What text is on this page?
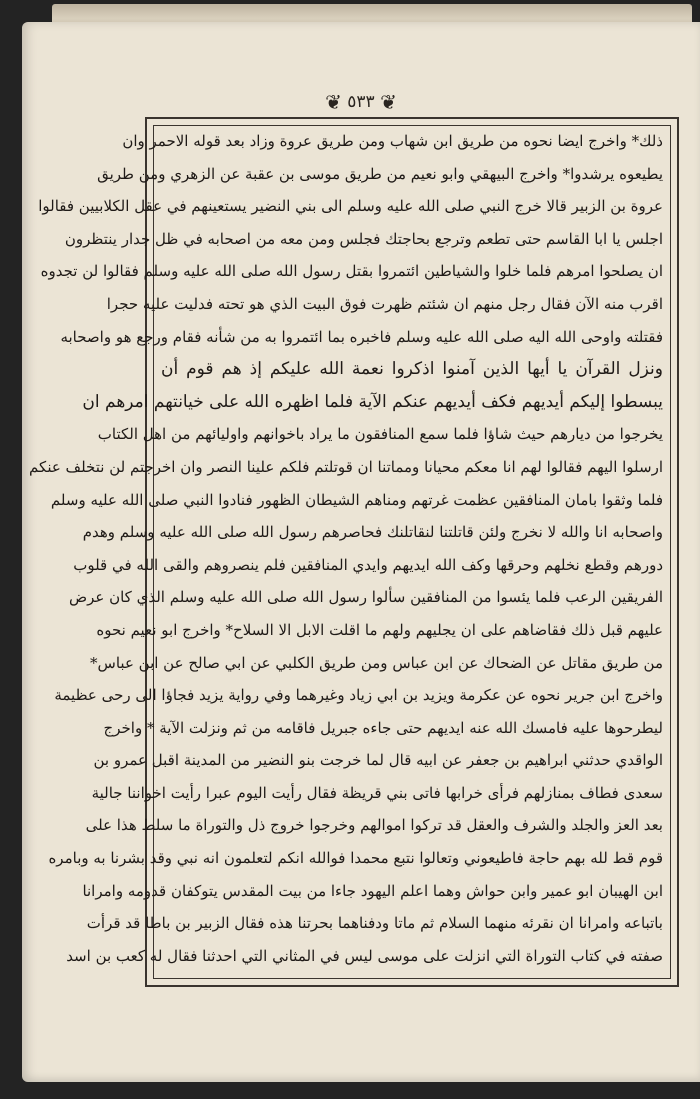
❦ ٥٣٣ ❦
ذلك* واخرج ايضا نحوه من طريق ابن شهاب ومن طريق عروة وزاد بعد قوله الاحمر وان
يطيعوه يرشدوا* واخرج البيهقي وابو نعيم من طريق موسى بن عقبة عن الزهري ومن طريق
عروة بن الزبير قالا خرج النبي صلى الله عليه وسلم الى بني النضير يستعينهم في عقل الكلابيين فقالوا
اجلس يا ابا القاسم حتى تطعم وترجع بحاجتك فجلس ومن معه من اصحابه في ظل جدار ينتظرون
ان يصلحوا امرهم فلما خلوا والشياطين ائتمروا بقتل رسول الله صلى الله عليه وسلم فقالوا لن تجدوه
اقرب منه الآن فقال رجل منهم ان شئتم ظهرت فوق البيت الذي هو تحته فدليت عليه حجرا
فقتلته واوحى الله اليه صلى الله عليه وسلم فاخبره بما ائتمروا به من شأنه فقام ورجع هو واصحابه
ونزل القرآن يا أيها الذين آمنوا اذكروا نعمة الله عليكم إذ هم قوم أن
يبسطوا إليكم أيديهم فكف أيديهم عنكم الآية فلما اظهره الله على خيانتهم امرهم ان
يخرجوا من ديارهم حيث شاؤا فلما سمع المنافقون ما يراد باخوانهم واوليائهم من اهل الكتاب
ارسلوا اليهم فقالوا لهم انا معكم محيانا ومماتنا ان قوتلتم فلكم علينا النصر وان اخرجتم لن نتخلف عنكم
فلما وثقوا بامان المنافقين عظمت غرتهم ومناهم الشيطان الظهور فنادوا النبي صلى الله عليه وسلم
واصحابه انا والله لا نخرج ولئن قاتلتنا لنقاتلنك فحاصرهم رسول الله صلى الله عليه وسلم وهدم
دورهم وقطع نخلهم وحرقها وكف الله ايديهم وايدي المنافقين فلم ينصروهم والقى الله في قلوب
الفريقين الرعب فلما يئسوا من المنافقين سألوا رسول الله صلى الله عليه وسلم الذي كان عرض
عليهم قبل ذلك فقاضاهم على ان يجليهم ولهم ما اقلت الابل الا السلاح* واخرج ابو نعيم نحوه
من طريق مقاتل عن الضحاك عن ابن عباس ومن طريق الكلبي عن ابي صالح عن ابن عباس*
واخرج ابن جرير نحوه عن عكرمة ويزيد بن ابي زياد وغيرهما وفي رواية يزيد فجاؤا الى رحى عظيمة
ليطرحوها عليه فامسك الله عنه ايديهم حتى جاءه جبريل فاقامه من ثم ونزلت الآية * واخرج
الواقدي حدثني ابراهيم بن جعفر عن ابيه قال لما خرجت بنو النضير من المدينة اقبل عمرو بن
سعدى فطاف بمنازلهم فرأى خرابها فاتى بني قريظة فقال رأيت اليوم عبرا رأيت اخواننا جالية
بعد العز والجلد والشرف والعقل قد تركوا اموالهم وخرجوا خروج ذل والتوراة ما سلط هذا على
قوم قط لله بهم حاجة فاطيعوني وتعالوا نتبع محمدا فوالله انكم لتعلمون انه نبي وقد بشرنا به وبامره
ابن الهيبان ابو عمير وابن حواش وهما اعلم اليهود جاءا من بيت المقدس يتوكفان قدومه وامرانا
باتباعه وامرانا ان نقرئه منهما السلام ثم ماتا ودفناهما بحرتنا هذه فقال الزبير بن باطا قد قرأت
صفته في كتاب التوراة التي انزلت على موسى ليس في المثاني التي احدثنا فقال له كعب بن اسد
